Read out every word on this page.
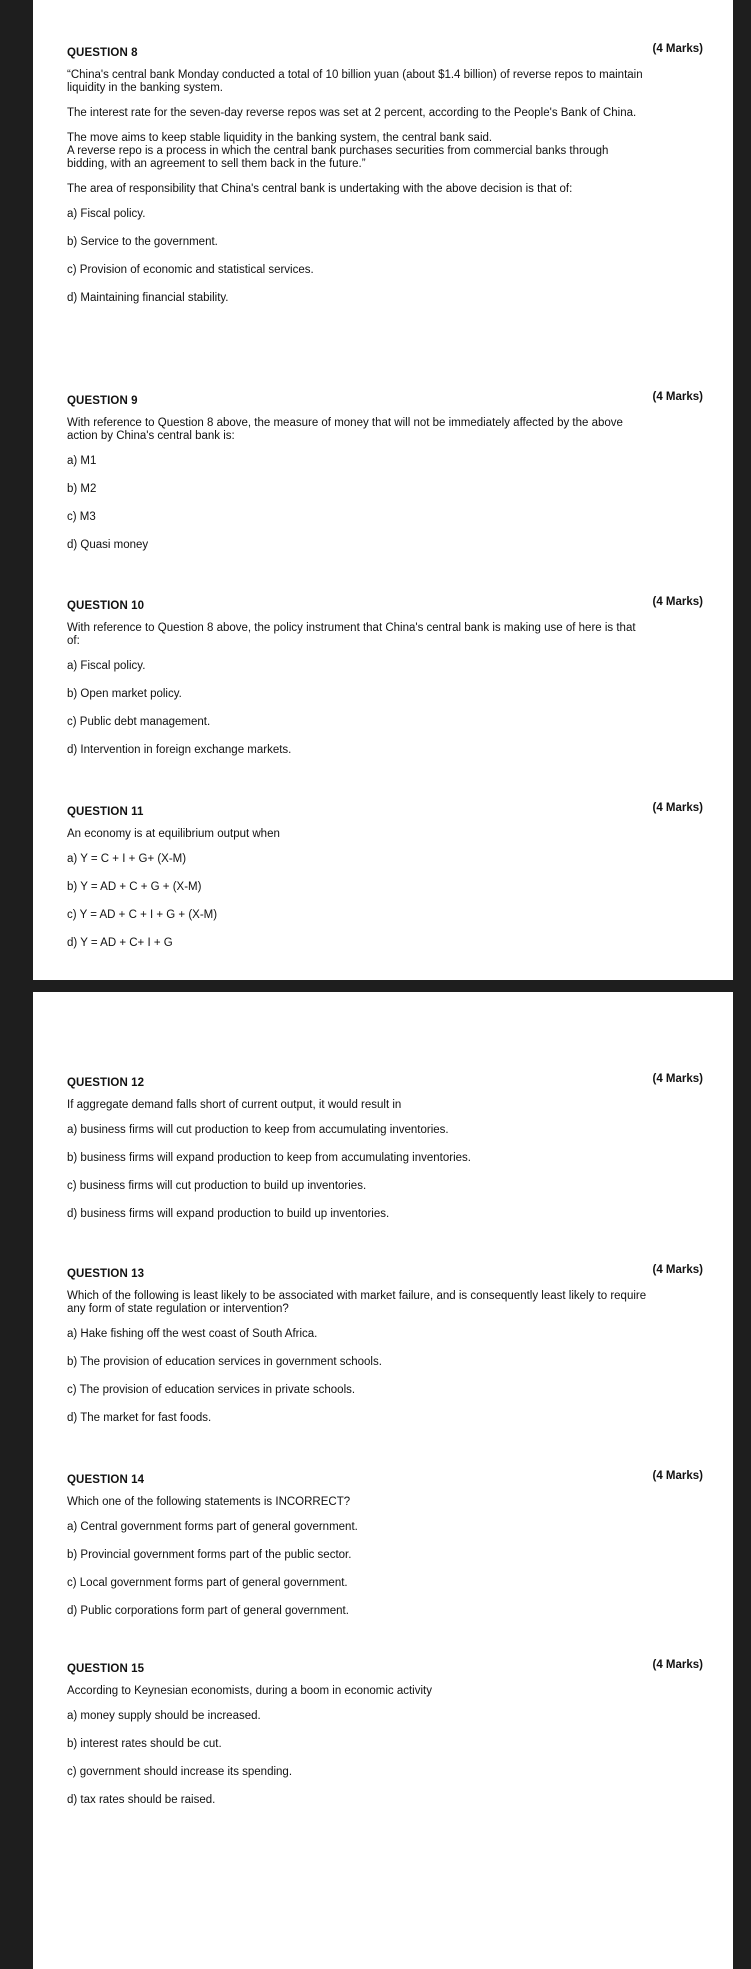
QUESTION 8	(4 Marks)

“China's central bank Monday conducted a total of 10 billion yuan (about $1.4 billion) of reverse repos to maintain liquidity in the banking system.

The interest rate for the seven-day reverse repos was set at 2 percent, according to the People's Bank of China.

The move aims to keep stable liquidity in the banking system, the central bank said.

A reverse repo is a process in which the central bank purchases securities from commercial banks through bidding, with an agreement to sell them back in the future.”

The area of responsibility that China's central bank is undertaking with the above decision is that of:

a) Fiscal policy.
b) Service to the government.
c) Provision of economic and statistical services.
d) Maintaining financial stability.
QUESTION 9	(4 Marks)

With reference to Question 8 above, the measure of money that will not be immediately affected by the above action by China's central bank is:

a) M1
b) M2
c) M3
d) Quasi money
QUESTION 10	(4 Marks)

With reference to Question 8 above, the policy instrument that China's central bank is making use of here is that of:

a) Fiscal policy.
b) Open market policy.
c) Public debt management.
d) Intervention in foreign exchange markets.
QUESTION 11	(4 Marks)

An economy is at equilibrium output when

a) Y = C + I + G+ (X-M)
b) Y = AD + C + G + (X-M)
c) Y = AD + C + I + G + (X-M)
d) Y = AD + C+ I + G
QUESTION 12	(4 Marks)

If aggregate demand falls short of current output, it would result in

a) business firms will cut production to keep from accumulating inventories.
b) business firms will expand production to keep from accumulating inventories.
c) business firms will cut production to build up inventories.
d) business firms will expand production to build up inventories.
QUESTION 13	(4 Marks)

Which of the following is least likely to be associated with market failure, and is consequently least likely to require any form of state regulation or intervention?

a) Hake fishing off the west coast of South Africa.
b) The provision of education services in government schools.
c) The provision of education services in private schools.
d) The market for fast foods.
QUESTION 14	(4 Marks)

Which one of the following statements is INCORRECT?

a) Central government forms part of general government.
b) Provincial government forms part of the public sector.
c) Local government forms part of general government.
d) Public corporations form part of general government.
QUESTION 15	(4 Marks)

According to Keynesian economists, during a boom in economic activity

a) money supply should be increased.
b) interest rates should be cut.
c) government should increase its spending.
d) tax rates should be raised.
